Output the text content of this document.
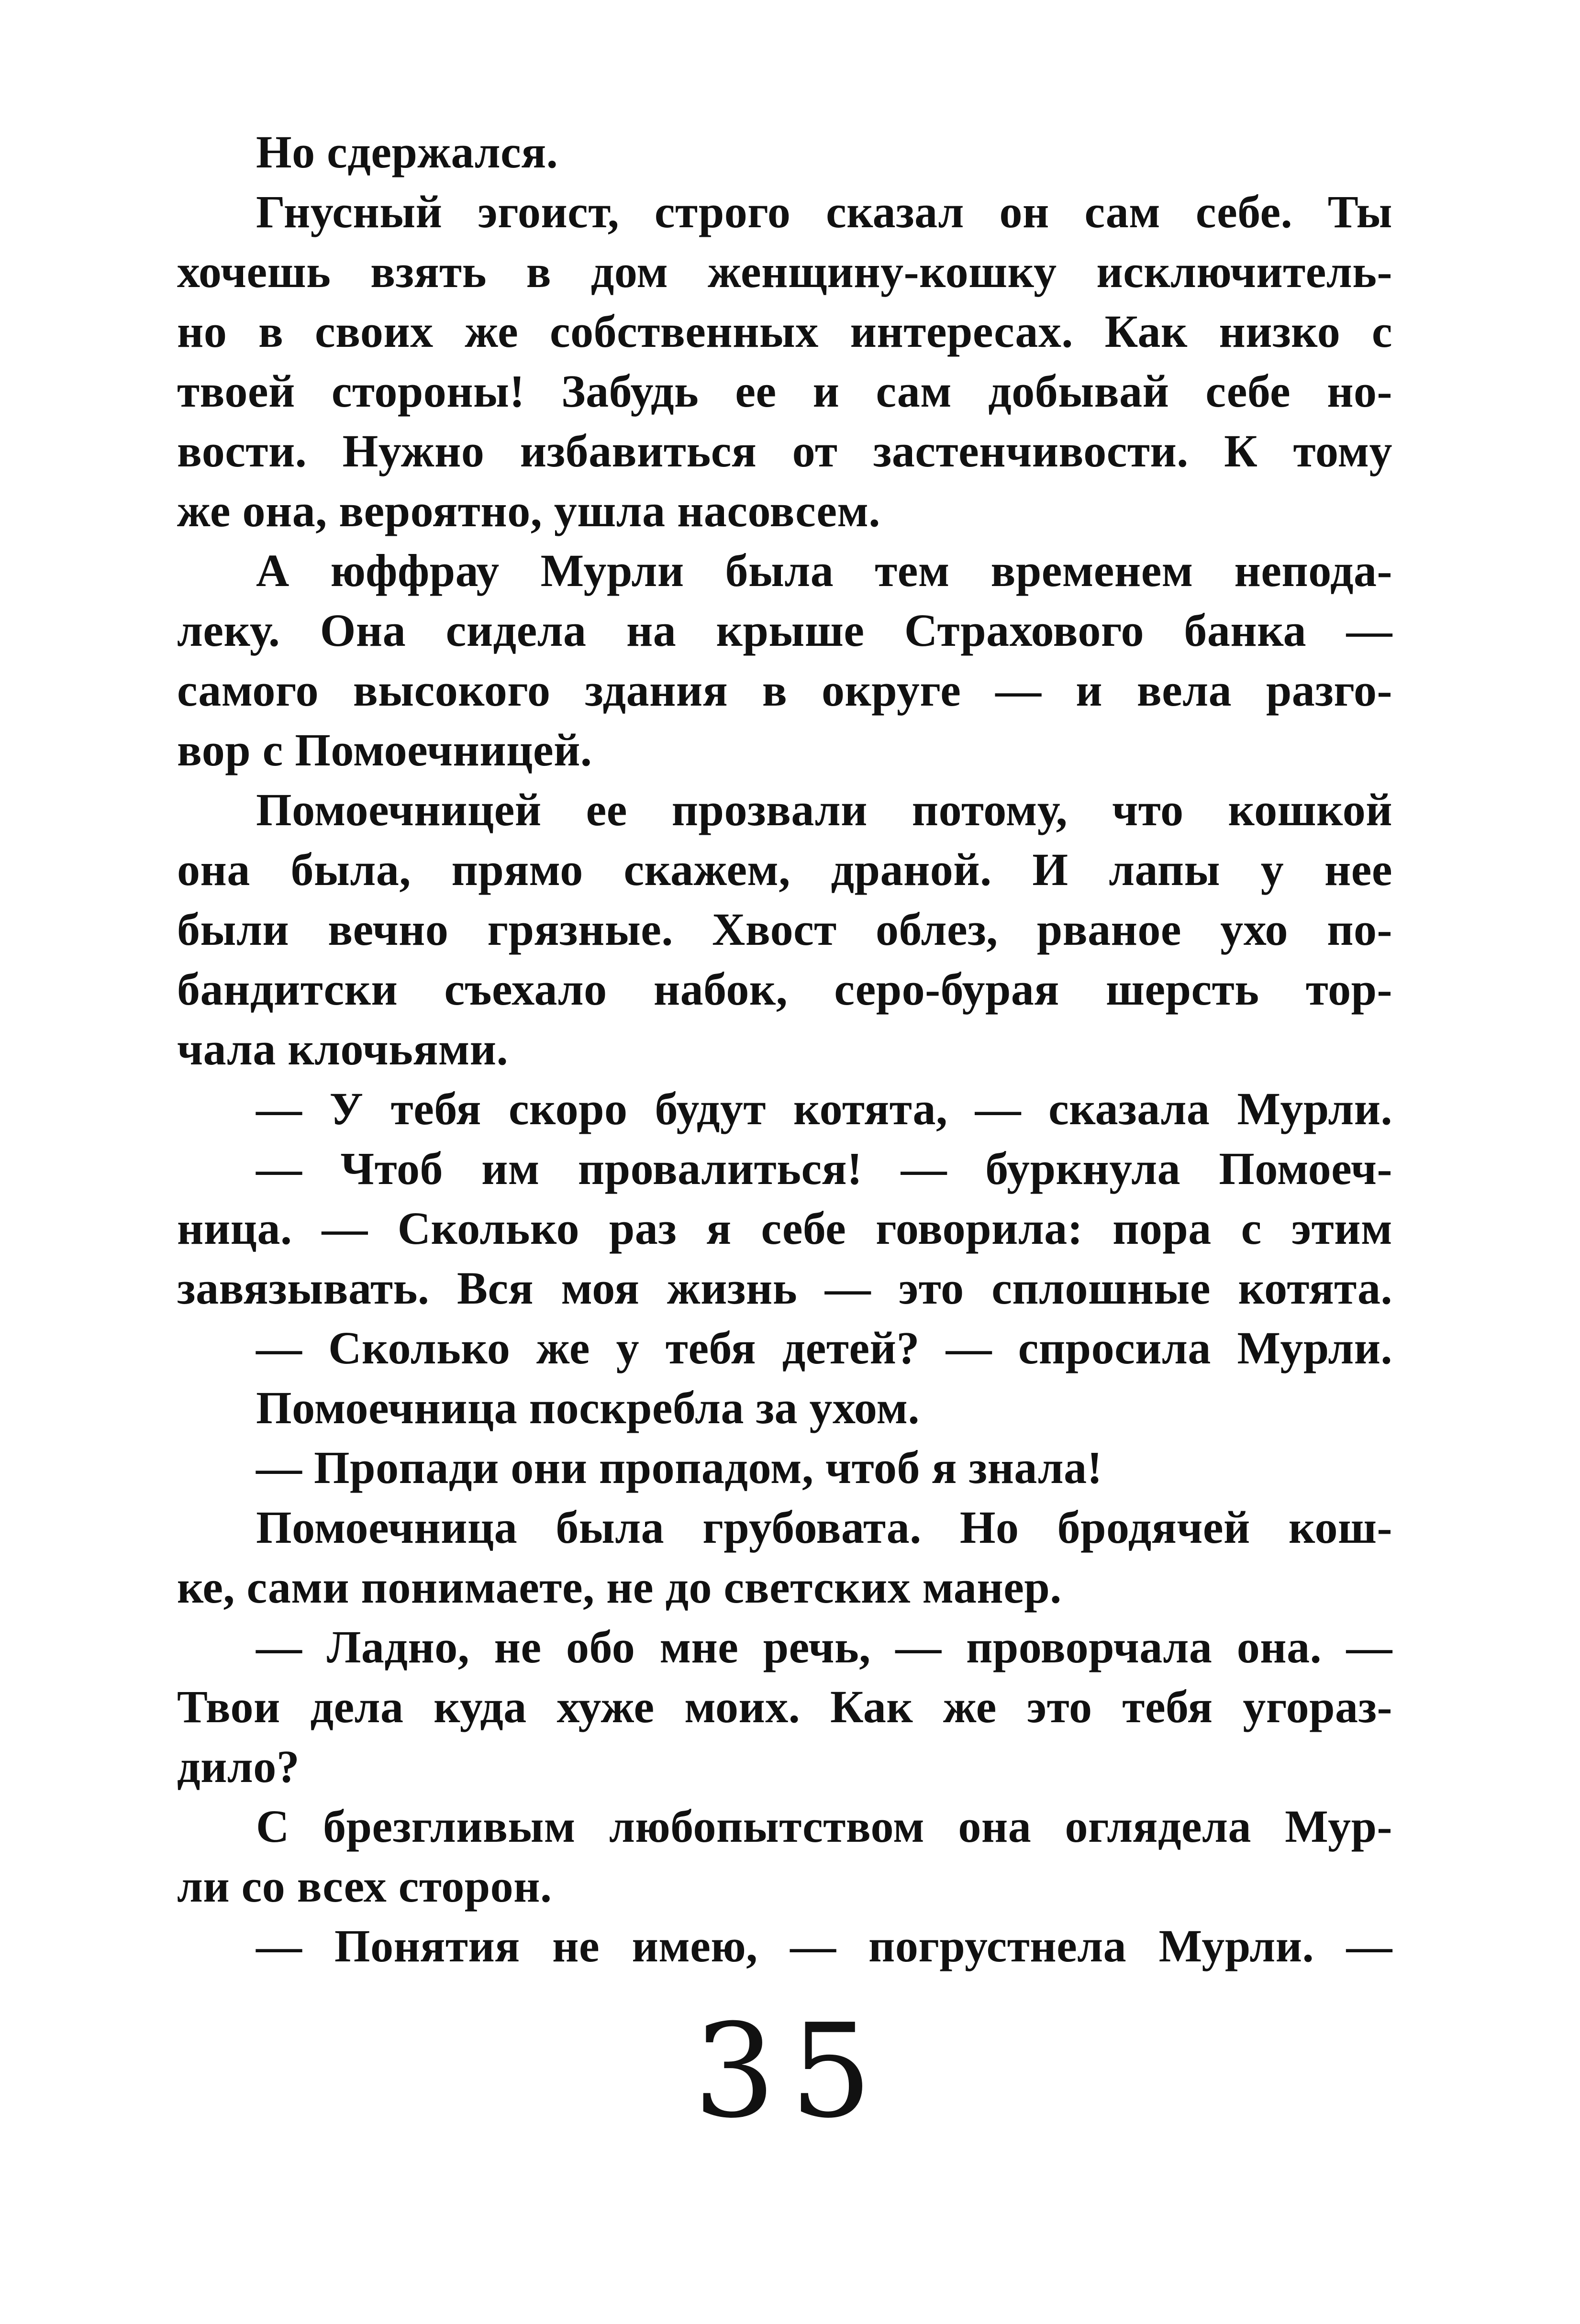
Но сдержался.
Гнусный эгоист, строго сказал он сам себе. Ты
хочешь взять в дом женщину-кошку исключитель-
но в своих же собственных интересах. Как низко с
твоей стороны! Забудь ее и сам добывай себе но-
вости. Нужно избавиться от застенчивости. К тому
же она, вероятно, ушла насовсем.
А юффрау Мурли была тем временем непода-
леку. Она сидела на крыше Страхового банка —
самого высокого здания в округе — и вела разго-
вор с Помоечницей.
Помоечницей ее прозвали потому, что кошкой
она была, прямо скажем, драной. И лапы у нее
были вечно грязные. Хвост облез, рваное ухо по-
бандитски съехало набок, серо-бурая шерсть тор-
чала клочьями.
— У тебя скоро будут котята, — сказала Мурли.
— Чтоб им провалиться! — буркнула Помоеч-
ница. — Сколько раз я себе говорила: пора с этим
завязывать. Вся моя жизнь — это сплошные котята.
— Сколько же у тебя детей? — спросила Мурли.
Помоечница поскребла за ухом.
— Пропади они пропадом, чтоб я знала!
Помоечница была грубовата. Но бродячей кош-
ке, сами понимаете, не до светских манер.
— Ладно, не обо мне речь, — проворчала она. —
Твои дела куда хуже моих. Как же это тебя угораз-
дило?
С брезгливым любопытством она оглядела Мур-
ли со всех сторон.
— Понятия не имею, — погрустнела Мурли. —
35
